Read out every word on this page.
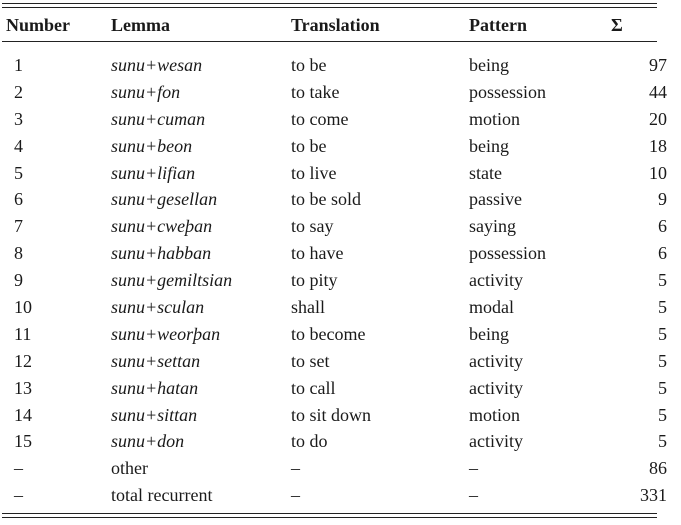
Number	Lemma	Translation	Pattern	Σ
1	sunu+wesan	to be	being	97
2	sunu+fon	to take	possession	44
3	sunu+cuman	to come	motion	20
4	sunu+beon	to be	being	18
5	sunu+lifian	to live	state	10
6	sunu+gesellan	to be sold	passive	9
7	sunu+cweþan	to say	saying	6
8	sunu+habban	to have	possession	6
9	sunu+gemiltsian	to pity	activity	5
10	sunu+sculan	shall	modal	5
11	sunu+weorþan	to become	being	5
12	sunu+settan	to set	activity	5
13	sunu+hatan	to call	activity	5
14	sunu+sittan	to sit down	motion	5
15	sunu+don	to do	activity	5
–	other	–	–	86
–	total recurrent	–	–	331
